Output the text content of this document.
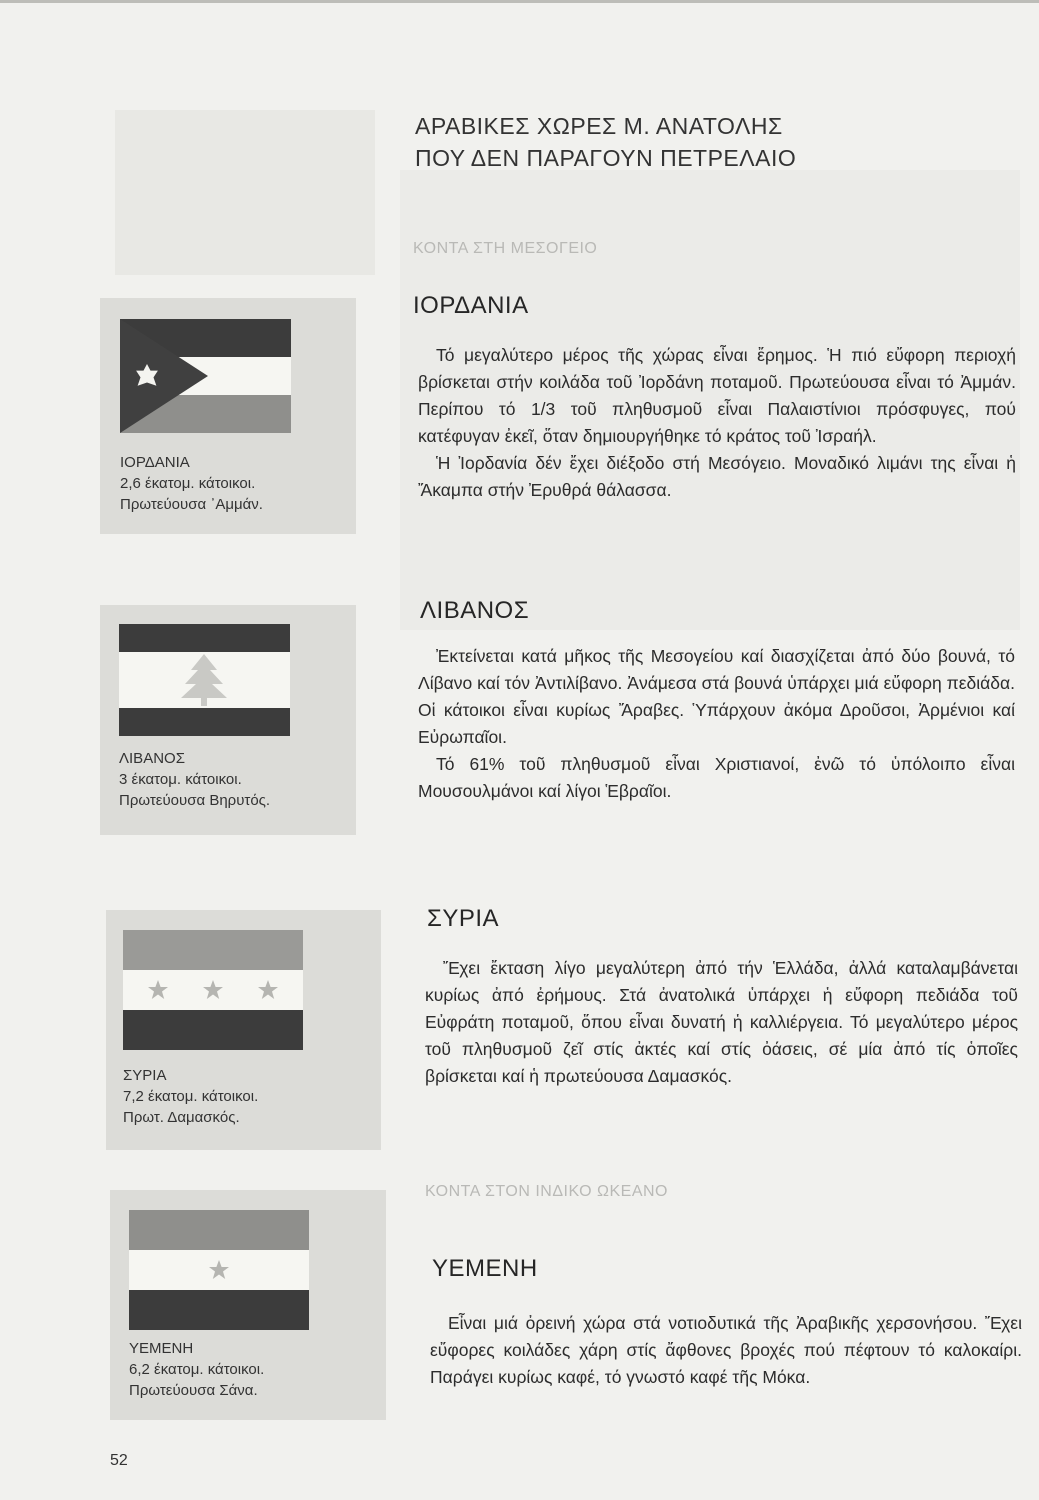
ΑΡΑΒΙΚΕΣ ΧΩΡΕΣ Μ. ΑΝΑΤΟΛΗΣ
ΠΟΥ ΔΕΝ ΠΑΡΑΓΟΥΝ ΠΕΤΡΕΛΑΙΟ
ΚΟΝΤΑ ΣΤΗ ΜΕΣΟΓΕΙΟ
ΙΟΡΔΑΝΙΑ
2,6 έκατομ. κάτοικοι.
Πρωτεύουσα ᾿Αμμάν.
ΙΟΡΔΑΝΙΑ

Τό μεγαλύτερο μέρος τῆς χώρας εἶναι ἔρημος. Ἡ πιό εὔφορη περιοχή βρίσκεται στήν κοιλάδα τοῦ Ἰορδάνη ποταμοῦ. Πρωτεύουσα εἶναι τό Ἀμμάν. Περίπου τό 1/3 τοῦ πληθυσμοῦ εἶναι Παλαιστίνιοι πρόσφυγες, πού κατέφυγαν ἐκεῖ, ὅταν δημιουργήθηκε τό κράτος τοῦ Ἰσραήλ.

Ἡ Ἰορδανία δέν ἔχει διέξοδο στή Μεσόγειο. Μοναδικό λιμάνι της εἶναι ἡ Ἄκαμπα στήν Ἐρυθρά θάλασσα.

ΛΙΒΑΝΟΣ
3 έκατομ. κάτοικοι.
Πρωτεύουσα Βηρυτός.
ΛΙΒΑΝΟΣ

Ἐκτείνεται κατά μῆκος τῆς Μεσογείου καί διασχίζεται ἀπό δύο βουνά, τό Λίβανο καί τόν Ἀντιλίβανο. Ἀνάμεσα στά βουνά ὑπάρχει μιά εὔφορη πεδιάδα. Οἱ κάτοικοι εἶναι κυρίως Ἄραβες. Ὑπάρχουν ἀκόμα Δροῦσοι, Ἀρμένιοι καί Εὐρωπαῖοι.

Τό 61% τοῦ πληθυσμοῦ εἶναι Χριστιανοί, ἐνῶ τό ὑπόλοιπο εἶναι Μουσουλμάνοι καί λίγοι Ἑβραῖοι.

ΣΥΡΙΑ
7,2 έκατομ. κάτοικοι.
Πρωτ. Δαμασκός.
ΣΥΡΙΑ

Ἔχει ἔκταση λίγο μεγαλύτερη ἀπό τήν Ἑλλάδα, ἀλλά καταλαμβάνεται κυρίως ἀπό ἐρήμους. Στά ἀνατολικά ὑπάρχει ἡ εὔφορη πεδιάδα τοῦ Εὐφράτη ποταμοῦ, ὅπου εἶναι δυνατή ἡ καλλιέργεια. Τό μεγαλύτερο μέρος τοῦ πληθυσμοῦ ζεῖ στίς ἀκτές καί στίς ὀάσεις, σέ μία ἀπό τίς ὁποῖες βρίσκεται καί ἡ πρωτεύουσα Δαμασκός.

ΚΟΝΤΑ ΣΤΟΝ ΙΝΔΙΚΟ ΩΚΕΑΝΟ
ΥΕΜΕΝΗ
6,2 έκατομ. κάτοικοι.
Πρωτεύουσα Σάνα.
ΥΕΜΕΝΗ

Εἶναι μιά ὀρεινή χώρα στά νοτιοδυτικά τῆς Ἀραβικῆς χερσονήσου. Ἔχει εὔφορες κοιλάδες χάρη στίς ἄφθονες βροχές πού πέφτουν τό καλοκαίρι. Παράγει κυρίως καφέ, τό γνωστό καφέ τῆς Μόκα.

52
